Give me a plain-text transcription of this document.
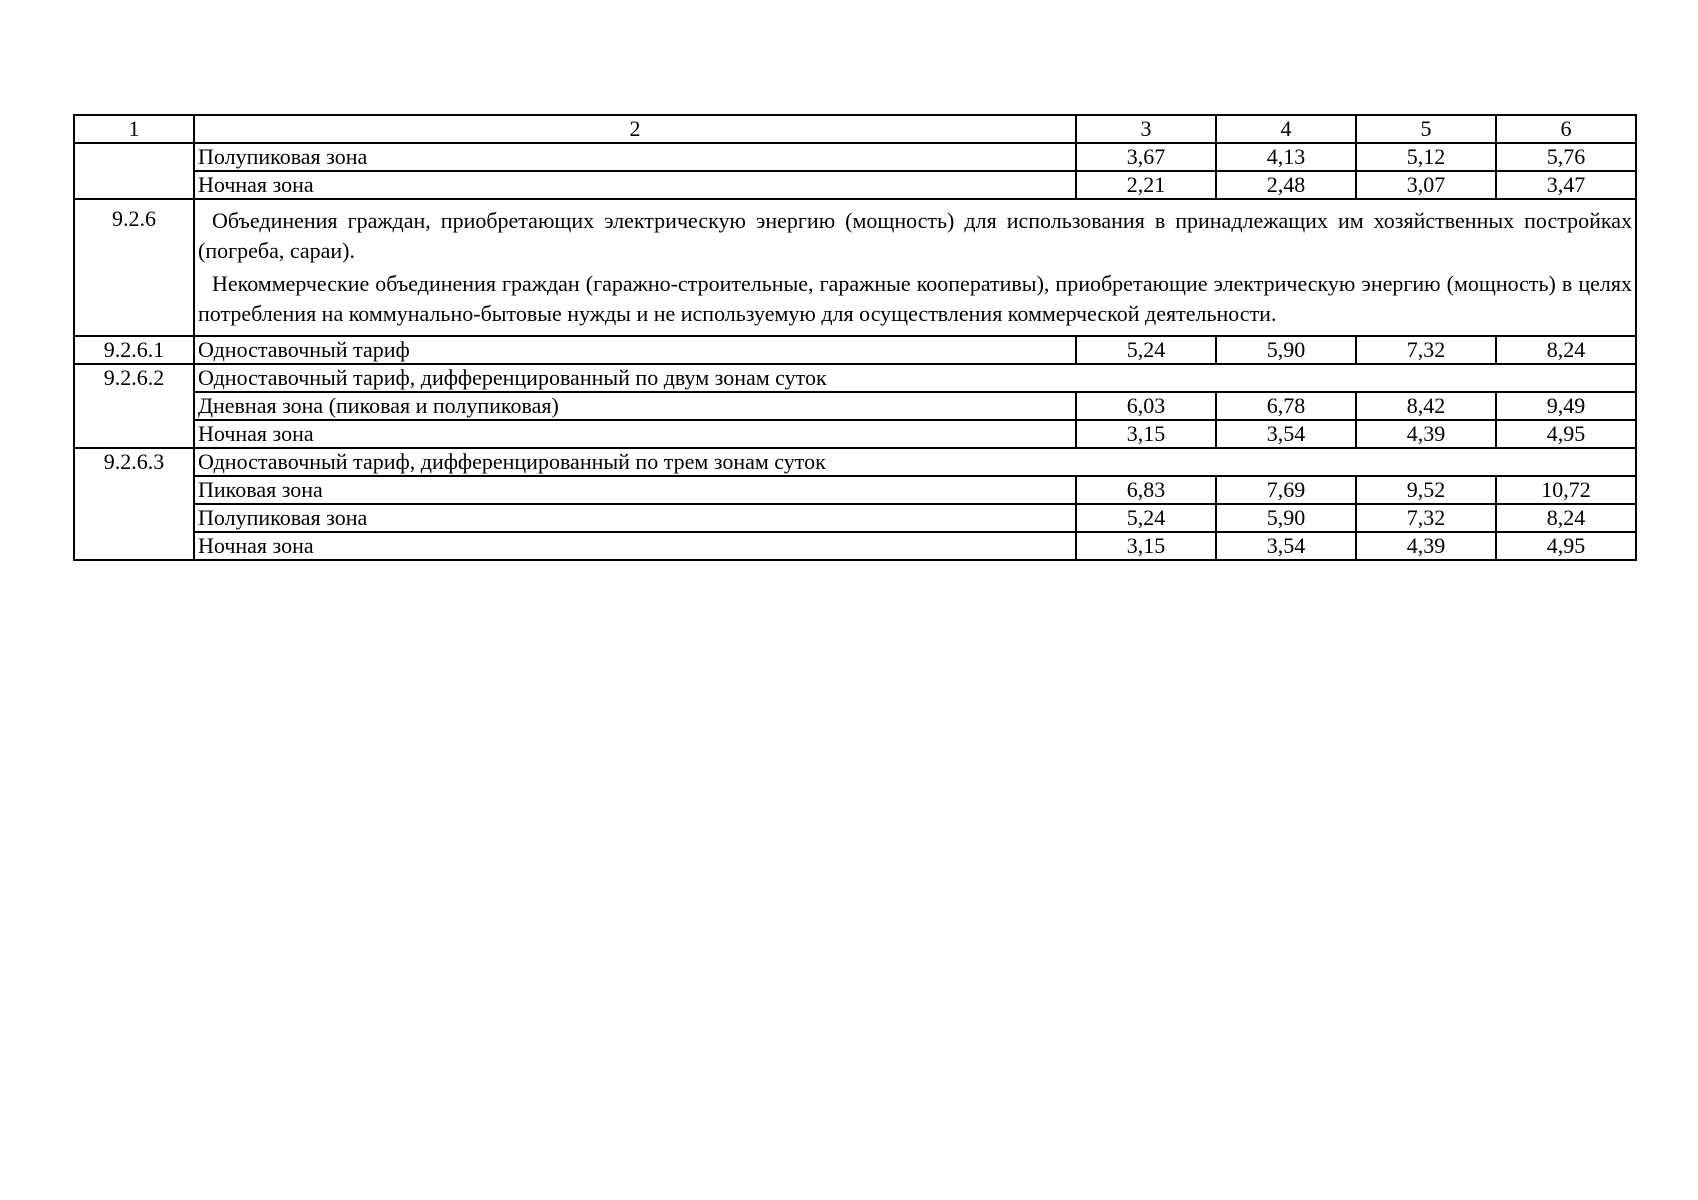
1	2	3	4	5	6
	Полупиковая зона	3,67	4,13	5,12	5,76
	Ночная зона	2,21	2,48	3,07	3,47
9.2.6	Объединения граждан, приобретающих электрическую энергию (мощность) для использования в принадлежащих им хозяйственных постройках (погреба, сараи).
Некоммерческие объединения граждан (гаражно-строительные, гаражные кооперативы), приобретающие электрическую энергию (мощность) в целях потребления на коммунально-бытовые нужды и не используемую для осуществления коммерческой деятельности.				

9.2.6.1	Одноставочный тариф	5,24	5,90	7,32	8,24
9.2.6.2	Одноставочный тариф, дифференцированный по двум зонам суток				
	Дневная зона (пиковая и полупиковая)	6,03	6,78	8,42	9,49
	Ночная зона	3,15	3,54	4,39	4,95
9.2.6.3	Одноставочный тариф, дифференцированный по трем зонам суток				
	Пиковая зона	6,83	7,69	9,52	10,72
	Полупиковая зона	5,24	5,90	7,32	8,24
	Ночная зона	3,15	3,54	4,39	4,95
